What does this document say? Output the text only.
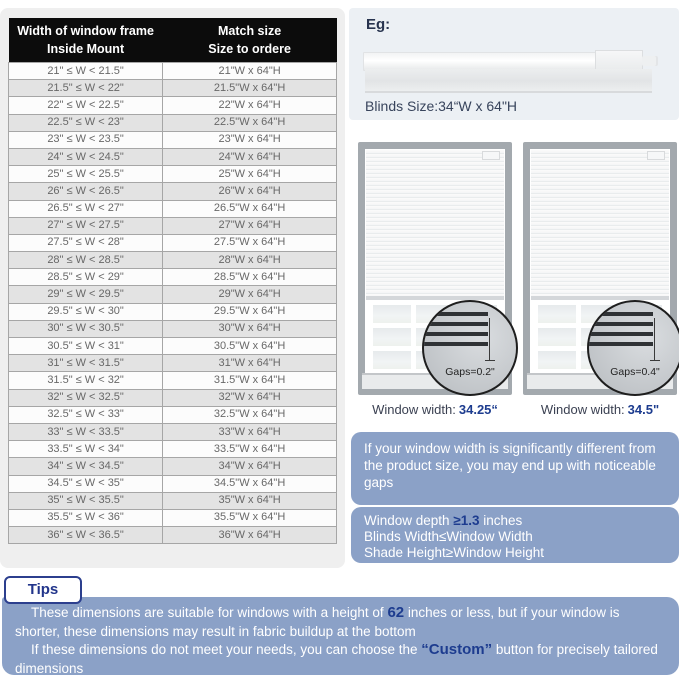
Width of window frame
Inside Mount

Match size
Size to ordere

21" ≤ W < 21.5"	21"W x 64"H
21.5" ≤ W < 22"	21.5"W x 64"H
22" ≤ W < 22.5"	22"W x 64"H
22.5" ≤ W < 23"	22.5"W x 64"H
23" ≤ W < 23.5"	23"W x 64"H
24" ≤ W < 24.5"	24"W x 64"H
25" ≤ W < 25.5"	25"W x 64"H
26" ≤ W < 26.5"	26"W x 64"H
26.5" ≤ W < 27"	26.5"W x 64"H
27" ≤ W < 27.5"	27"W x 64"H
27.5" ≤ W < 28"	27.5"W x 64"H
28" ≤ W < 28.5"	28"W x 64"H
28.5" ≤ W < 29"	28.5"W x 64"H
29" ≤ W < 29.5"	29"W x 64"H
29.5" ≤ W < 30"	29.5"W x 64"H
30" ≤ W < 30.5"	30"W x 64"H
30.5" ≤ W < 31"	30.5"W x 64"H
31" ≤ W < 31.5"	31"W x 64"H
31.5" ≤ W < 32"	31.5"W x 64"H
32" ≤ W < 32.5"	32"W x 64"H
32.5" ≤ W < 33"	32.5"W x 64"H
33" ≤ W < 33.5"	33"W x 64"H
33.5" ≤ W < 34"	33.5"W x 64"H
34" ≤ W < 34.5"	34"W x 64"H
34.5" ≤ W < 35"	34.5"W x 64"H
35" ≤ W < 35.5"	35"W x 64"H
35.5" ≤ W < 36"	35.5"W x 64"H
36" ≤ W < 36.5"	36"W x 64"H
Eg:
Blinds Size:34“W x 64"H
Gaps=0.2"	Gaps=0.4"
Window width: 34.25“	Window width: 34.5"
If your window width is significantly different from the product size, you may end up with noticeable gaps
Window depth ≥1.3 inches
Blinds Width≤Window Width
Shade Height≥Window Height
Tips

These dimensions are suitable for windows with a height of 62 inches or less, but if your window is shorter, these dimensions may result in fabric buildup at the bottom

If these dimensions do not meet your needs, you can choose the “Custom” button for precisely tailored dimensions
